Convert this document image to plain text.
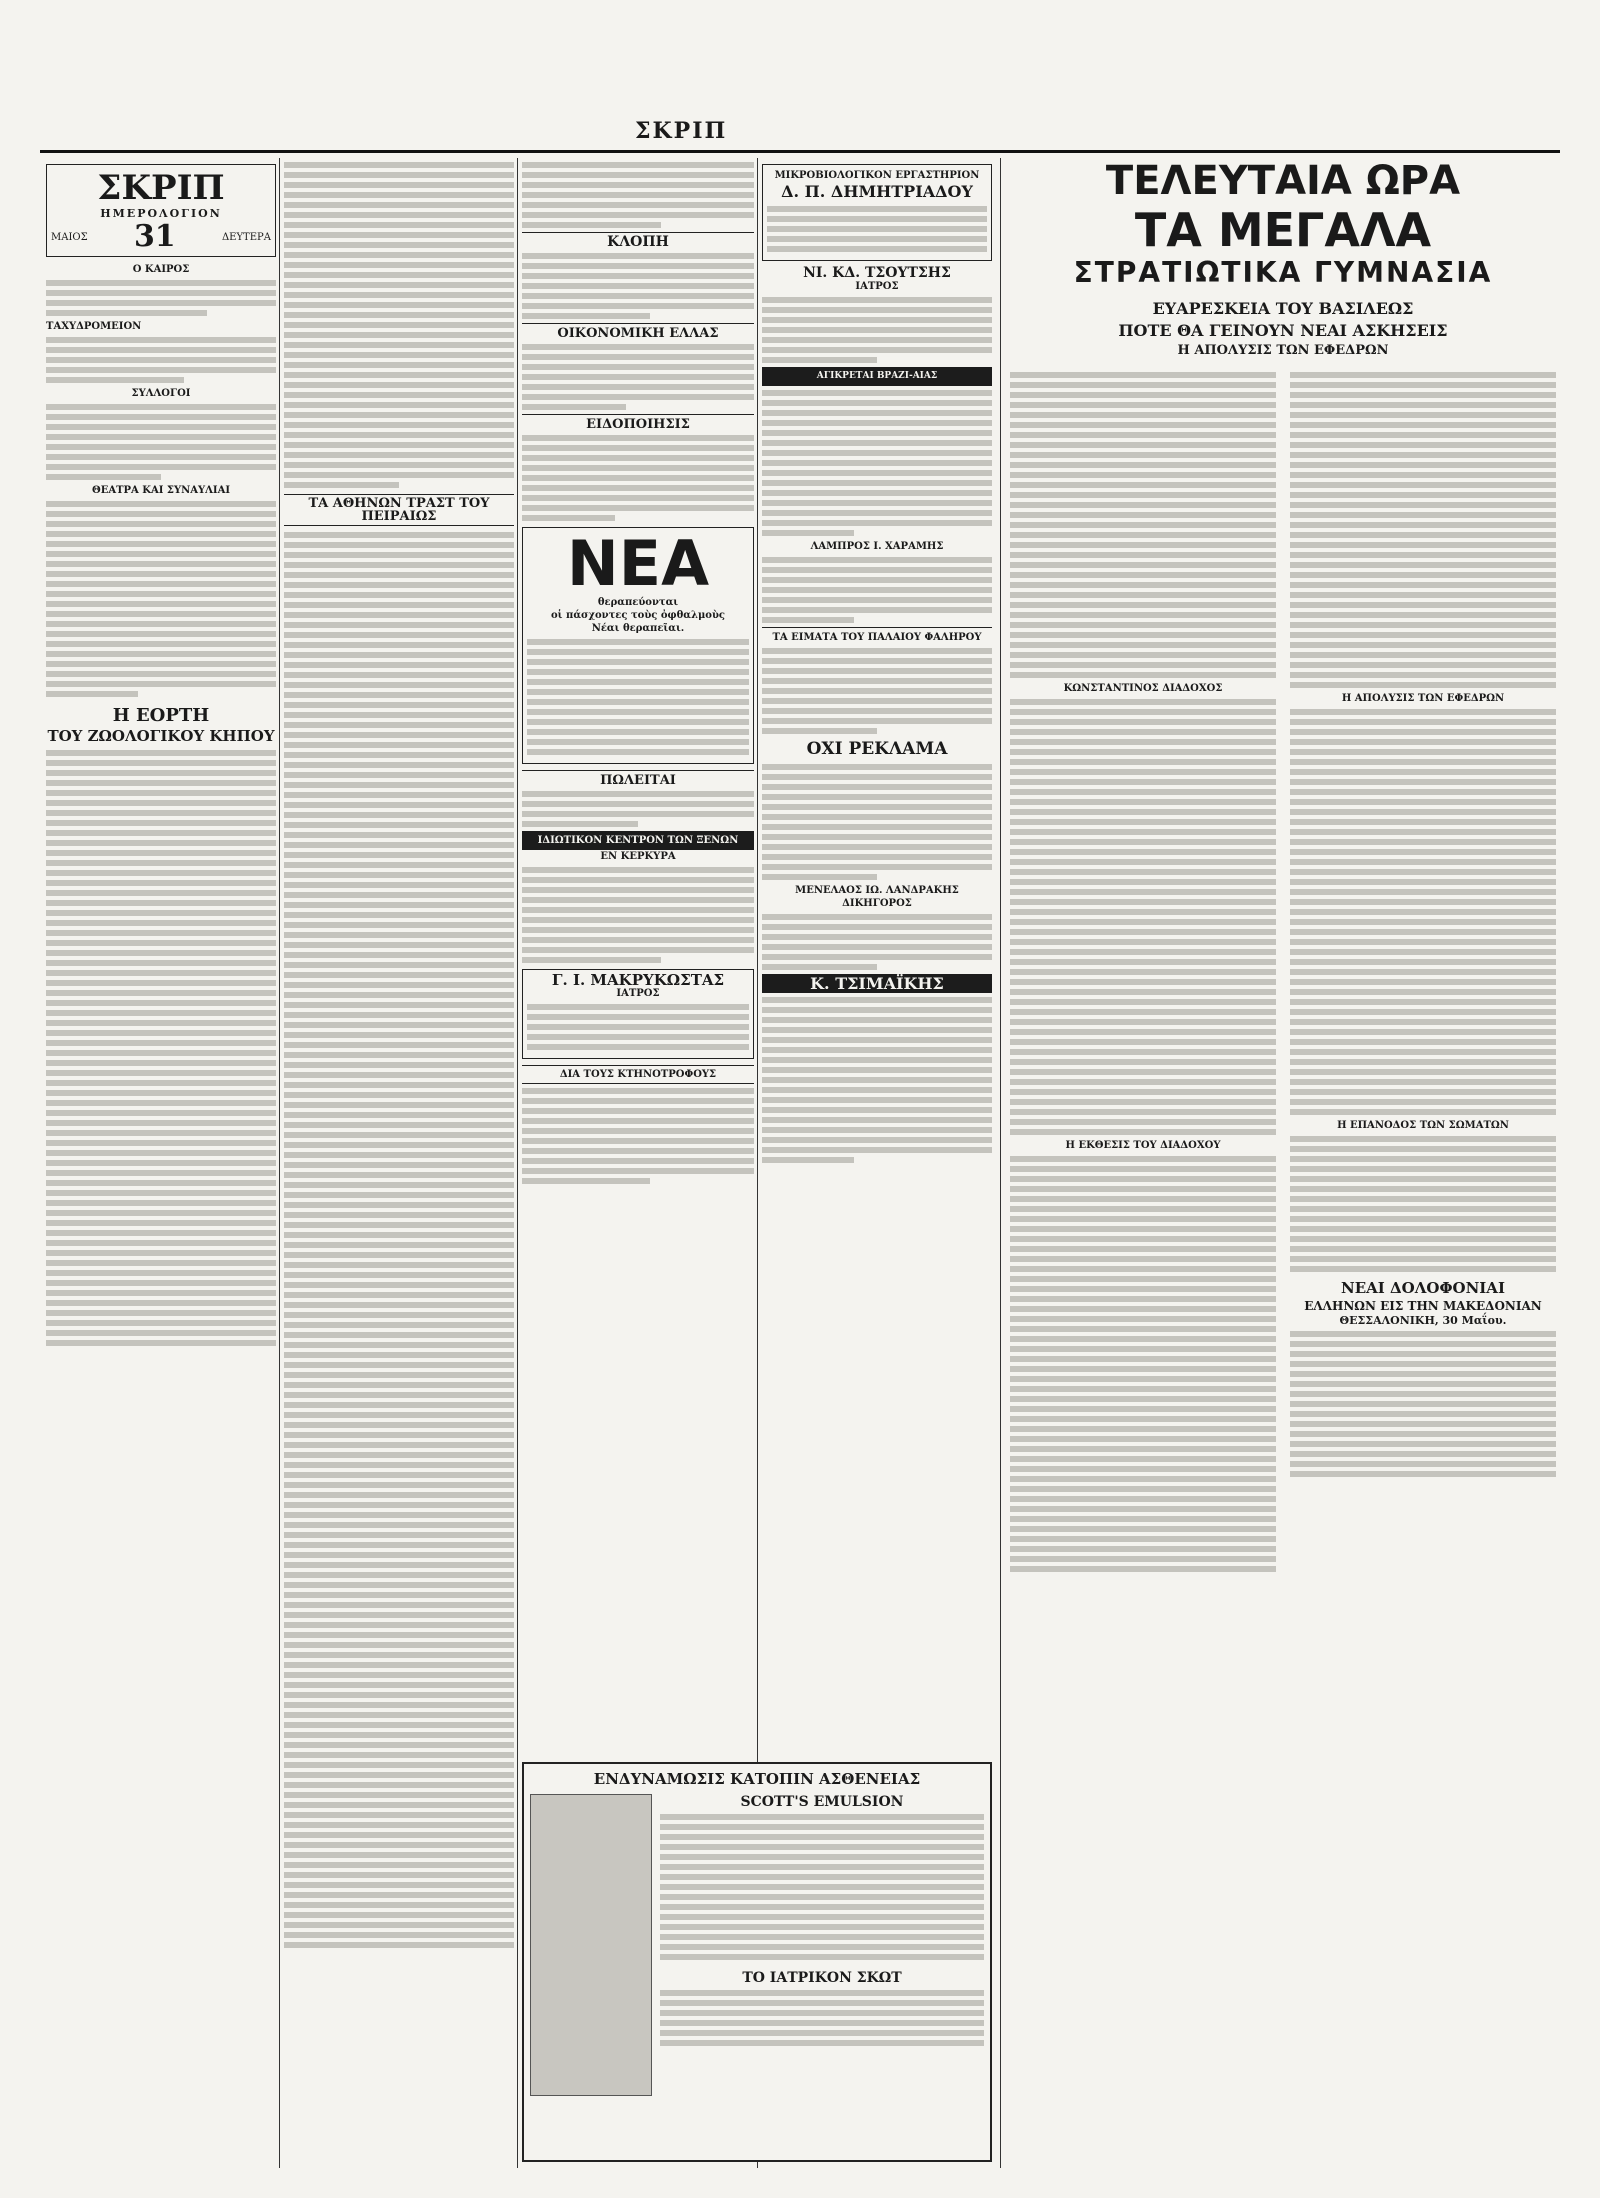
ΣΚΡΙΠ
ΣΚΡΙΠ
ΗΜΕΡΟΛΟΓΙΟΝ
ΜΑΙΟΣ 31	ΔΕΥΤΕΡΑ
Ο ΚΑΙΡΟΣ
ΤΑΧΥΔΡΟΜΕΙΟΝ
ΣΥΛΛΟΓΟΙ
ΘΕΑΤΡΑ ΚΑΙ ΣΥΝΑΥΛΙΑΙ
Η ΕΟΡΤΗ
ΤΟΥ ΖΩΟΛΟΓΙΚΟΥ ΚΗΠΟΥ
ΤΑ ΑΘΗΝΩΝ ΤΡΑΣΤ ΤΟΥ ΠΕΙΡΑΙΩΣ
ΚΛΟΠΗ
ΟΙΚΟΝΟΜΙΚΗ ΕΛΛΑΣ
ΕΙΔΟΠΟΙΗΣΙΣ
ΝΕΑ
θεραπεύονται
οἱ πάσχοντες τοὺς ὀφθαλμοὺς
Νέαι θεραπεῖαι.
ΠΩΛΕΙΤΑΙ
ΙΔΙΩΤΙΚΟΝ ΚΕΝΤΡΟΝ ΤΩΝ ΞΕΝΩΝ
ΕΝ ΚΕΡΚΥΡΑ
Γ. Ι. ΜΑΚΡΥΚΩΣΤΑΣ
ΙΑΤΡΟΣ
ΔΙΑ ΤΟΥΣ ΚΤΗΝΟΤΡΟΦΟΥΣ
ΜΙΚΡΟΒΙΟΛΟΓΙΚΟΝ ΕΡΓΑΣΤΗΡΙΟΝ
Δ. Π. ΔΗΜΗΤΡΙΑΔΟΥ
ΝΙ. ΚΔ. ΤΣΟΥΤΣΗΣ
ΙΑΤΡΟΣ
ΑΓΙΚΡΕΤΑΙ ΒΡΑΖΙ-ΑΙΑΣ
ΛΑΜΠΡΟΣ Ι. ΧΑΡΑΜΗΣ
ΤΑ ΕΙΜΑΤΑ ΤΟΥ ΠΑΛΑΙΟΥ ΦΑΛΗΡΟΥ
ΟΧΙ ΡΕΚΛΑΜΑ
ΜΕΝΕΛΑΟΣ ΙΩ. ΛΑΝΔΡΑΚΗΣ
ΔΙΚΗΓΟΡΟΣ
Κ. ΤΣΙΜΑΪΚΗΣ
ΕΝΔΥΝΑΜΩΣΙΣ ΚΑΤΟΠΙΝ ΑΣΘΕΝΕΙΑΣ
SCOTT'S EMULSION
ΤΟ ΙΑΤΡΙΚΟΝ ΣΚΩΤ
ΤΕΛΕΥΤΑΙΑ ΩΡΑ
ΤΑ ΜΕΓΑΛΑ
ΣΤΡΑΤΙΩΤΙΚΑ ΓΥΜΝΑΣΙΑ
ΕΥΑΡΕΣΚΕΙΑ ΤΟΥ ΒΑΣΙΛΕΩΣ
ΠΟΤΕ ΘΑ ΓΕΙΝΟΥΝ ΝΕΑΙ ΑΣΚΗΣΕΙΣ
Η ΑΠΟΛΥΣΙΣ ΤΩΝ ΕΦΕΔΡΩΝ
ΚΩΝΣΤΑΝΤΙΝΟΣ ΔΙΑΔΟΧΟΣ
Η ΕΚΘΕΣΙΣ ΤΟΥ ΔΙΑΔΟΧΟΥ
Η ΑΠΟΛΥΣΙΣ ΤΩΝ ΕΦΕΔΡΩΝ
Η ΕΠΑΝΟΔΟΣ ΤΩΝ ΣΩΜΑΤΩΝ
ΝΕΑΙ ΔΟΛΟΦΟΝΙΑΙ
ΕΛΛΗΝΩΝ ΕΙΣ ΤΗΝ ΜΑΚΕΔΟΝΙΑΝ
ΘΕΣΣΑΛΟΝΙΚΗ, 30 Μαΐου.
